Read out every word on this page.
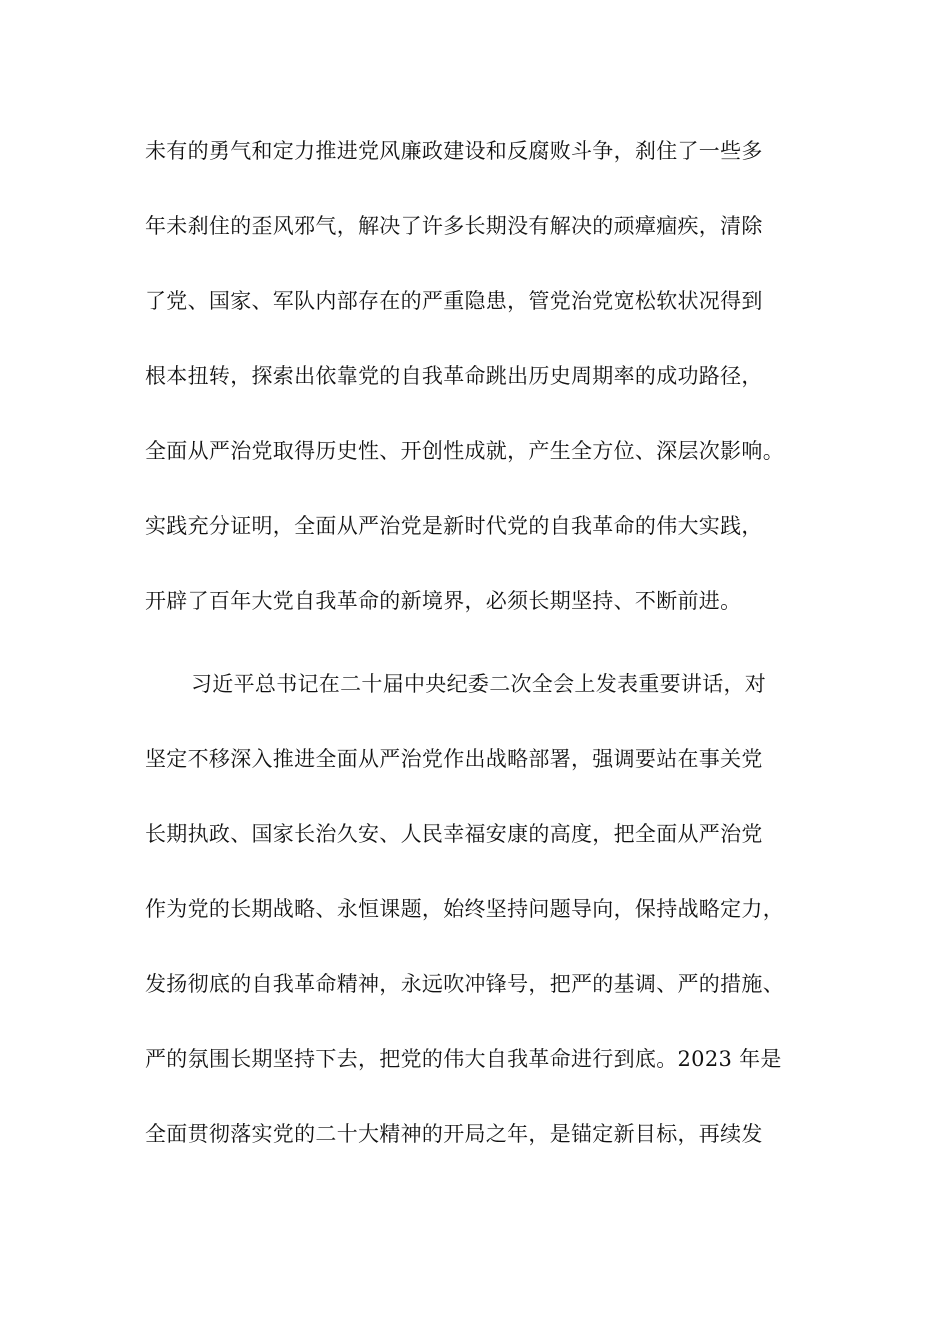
未有的勇气和定力推进党风廉政建设和反腐败斗争，刹住了一些多
年未刹住的歪风邪气，解决了许多长期没有解决的顽瘴痼疾，清除
了党、国家、军队内部存在的严重隐患，管党治党宽松软状况得到
根本扭转，探索出依靠党的自我革命跳出历史周期率的成功路径，
全面从严治党取得历史性、开创性成就，产生全方位、深层次影响。
实践充分证明，全面从严治党是新时代党的自我革命的伟大实践，
开辟了百年大党自我革命的新境界，必须长期坚持、不断前进。
习近平总书记在二十届中央纪委二次全会上发表重要讲话，对
坚定不移深入推进全面从严治党作出战略部署，强调要站在事关党
长期执政、国家长治久安、人民幸福安康的高度，把全面从严治党
作为党的长期战略、永恒课题，始终坚持问题导向，保持战略定力，
发扬彻底的自我革命精神，永远吹冲锋号，把严的基调、严的措施、
严的氛围长期坚持下去，把党的伟大自我革命进行到底。2023 年是
全面贯彻落实党的二十大精神的开局之年，是锚定新目标，再续发
